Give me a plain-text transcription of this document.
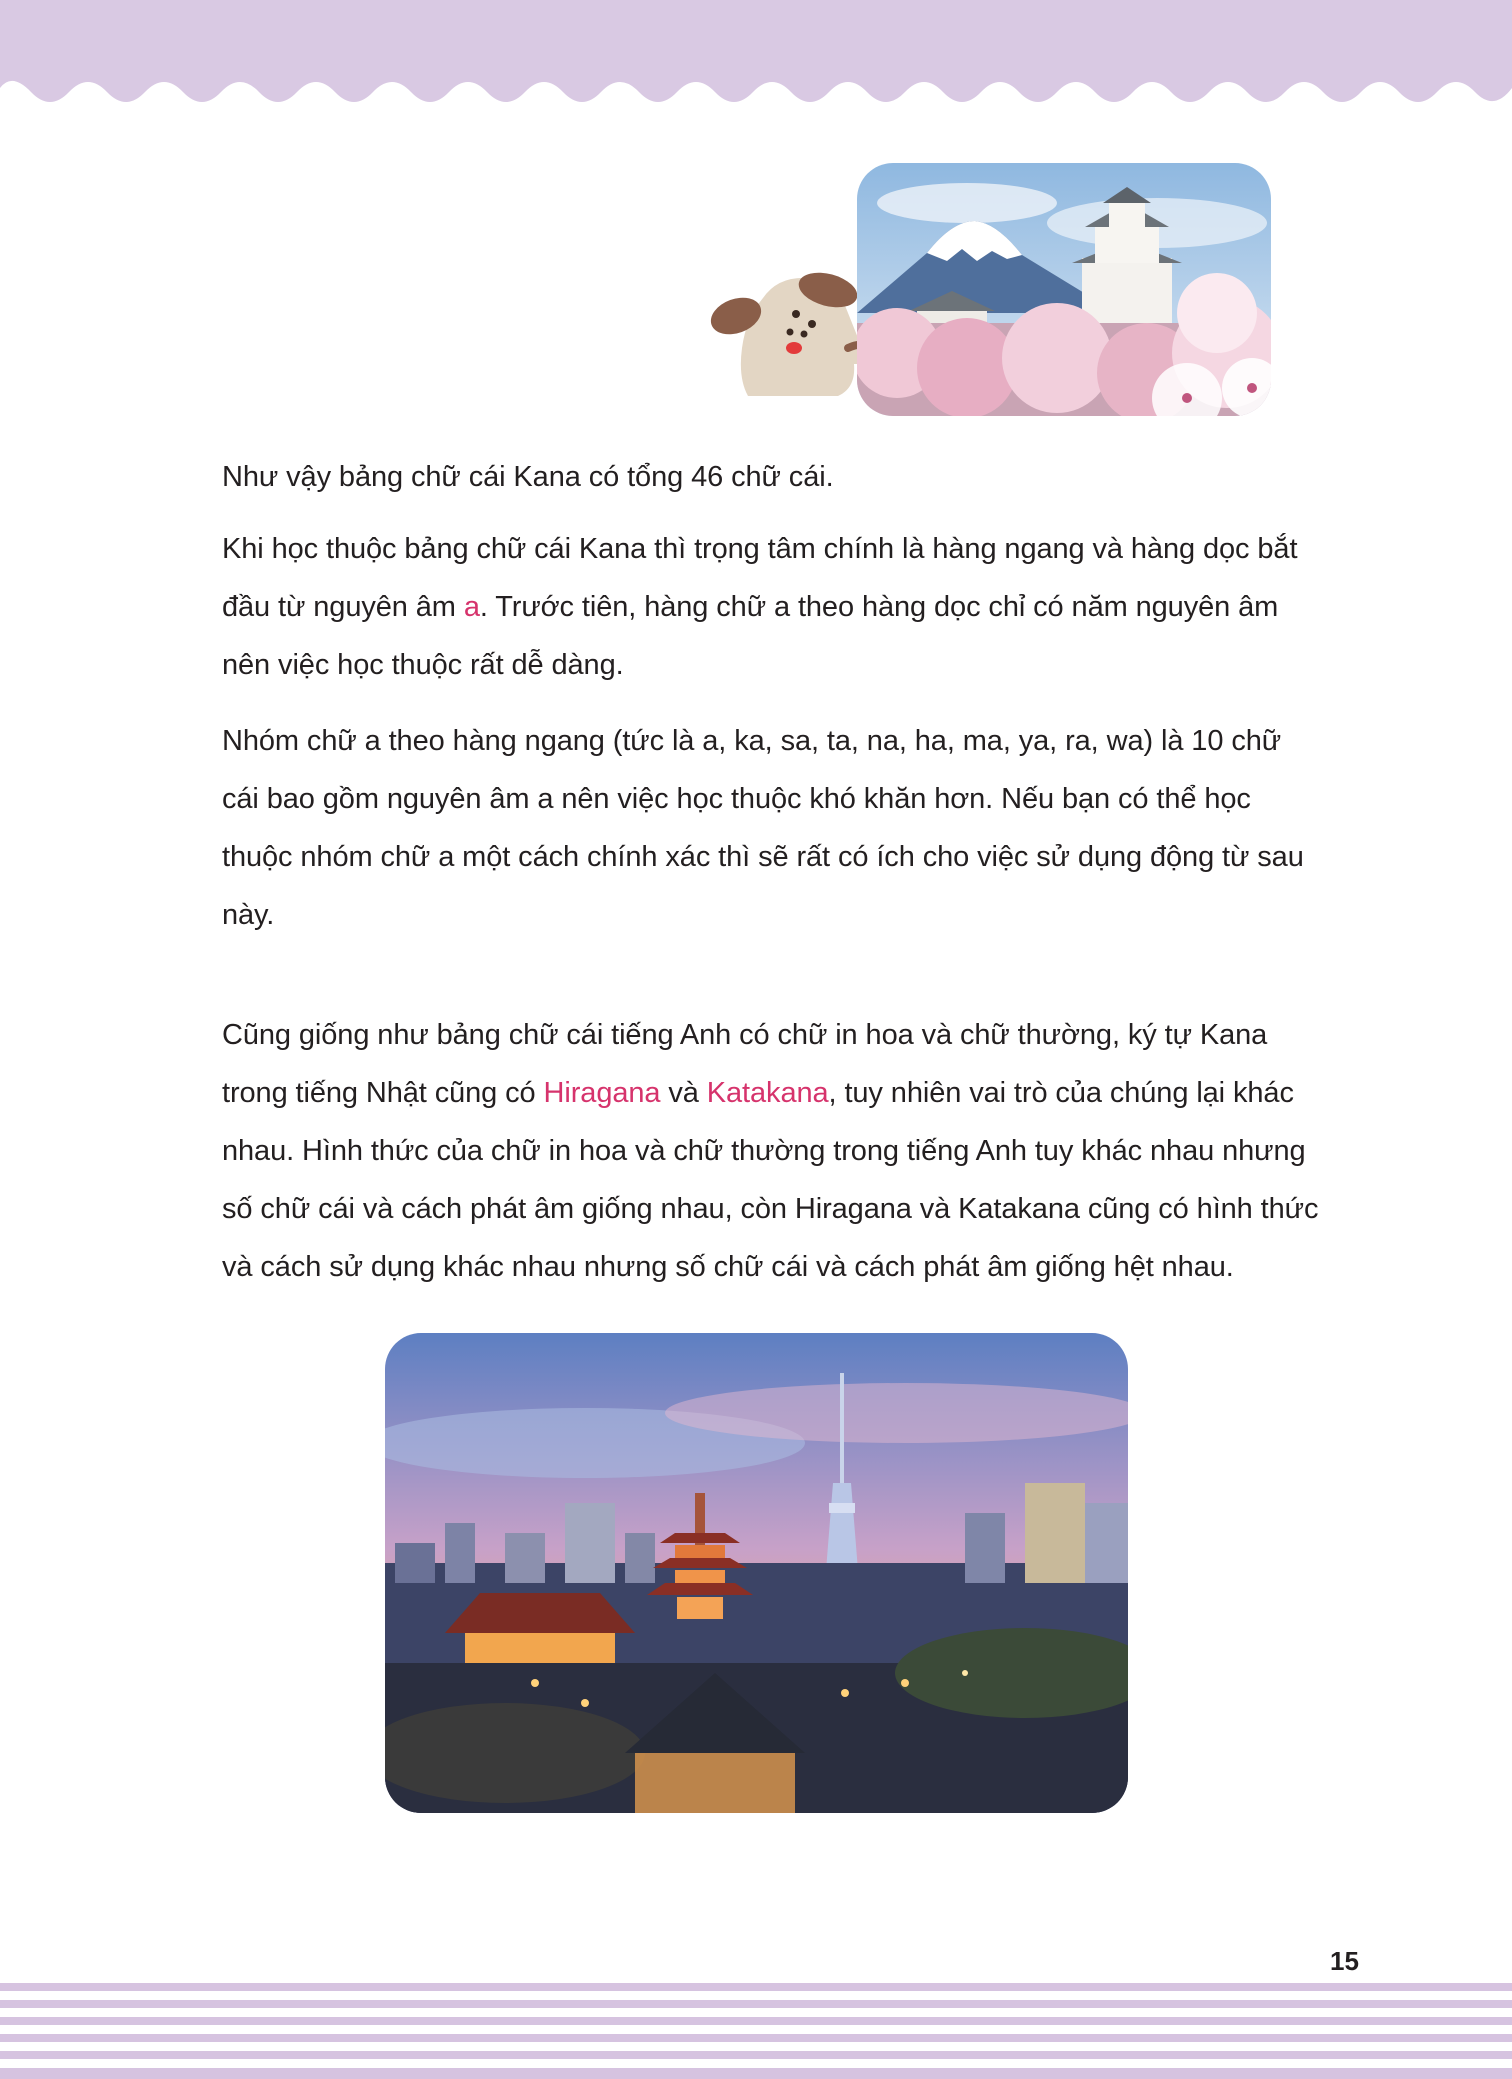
Như vậy bảng chữ cái Kana có tổng 46 chữ cái.

Khi học thuộc bảng chữ cái Kana thì trọng tâm chính là hàng ngang và hàng dọc bắt đầu từ nguyên âm a. Trước tiên, hàng chữ a theo hàng dọc chỉ có năm nguyên âm nên việc học thuộc rất dễ dàng.

Nhóm chữ a theo hàng ngang (tức là a, ka, sa, ta, na, ha, ma, ya, ra, wa) là 10 chữ cái bao gồm nguyên âm a nên việc học thuộc khó khăn hơn. Nếu bạn có thể học thuộc nhóm chữ a một cách chính xác thì sẽ rất có ích cho việc sử dụng động từ sau này.

Cũng giống như bảng chữ cái tiếng Anh có chữ in hoa và chữ thường, ký tự Kana trong tiếng Nhật cũng có Hiragana và Katakana, tuy nhiên vai trò của chúng lại khác nhau. Hình thức của chữ in hoa và chữ thường trong tiếng Anh tuy khác nhau nhưng số chữ cái và cách phát âm giống nhau, còn Hiragana và Katakana cũng có hình thức và cách sử dụng khác nhau nhưng số chữ cái và cách phát âm giống hệt nhau.

15
